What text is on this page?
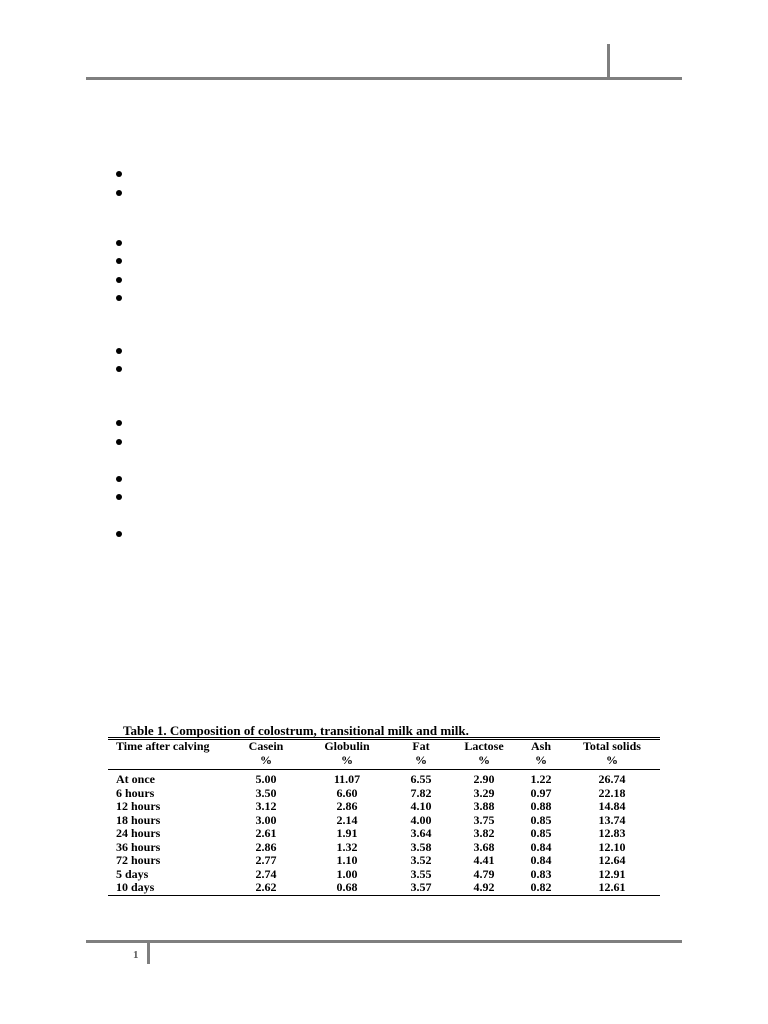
Table 1. Composition of colostrum, transitional milk and milk.
Time after calving	Casein	Globulin	Fat	Lactose	Ash	Total solids
	%	%	%	%	%	%
At once	5.00	11.07	6.55	2.90	1.22	26.74
6 hours	3.50	6.60	7.82	3.29	0.97	22.18
12 hours	3.12	2.86	4.10	3.88	0.88	14.84
18 hours	3.00	2.14	4.00	3.75	0.85	13.74
24 hours	2.61	1.91	3.64	3.82	0.85	12.83
36 hours	2.86	1.32	3.58	3.68	0.84	12.10
72 hours	2.77	1.10	3.52	4.41	0.84	12.64
5 days	2.74	1.00	3.55	4.79	0.83	12.91
10 days	2.62	0.68	3.57	4.92	0.82	12.61
1
